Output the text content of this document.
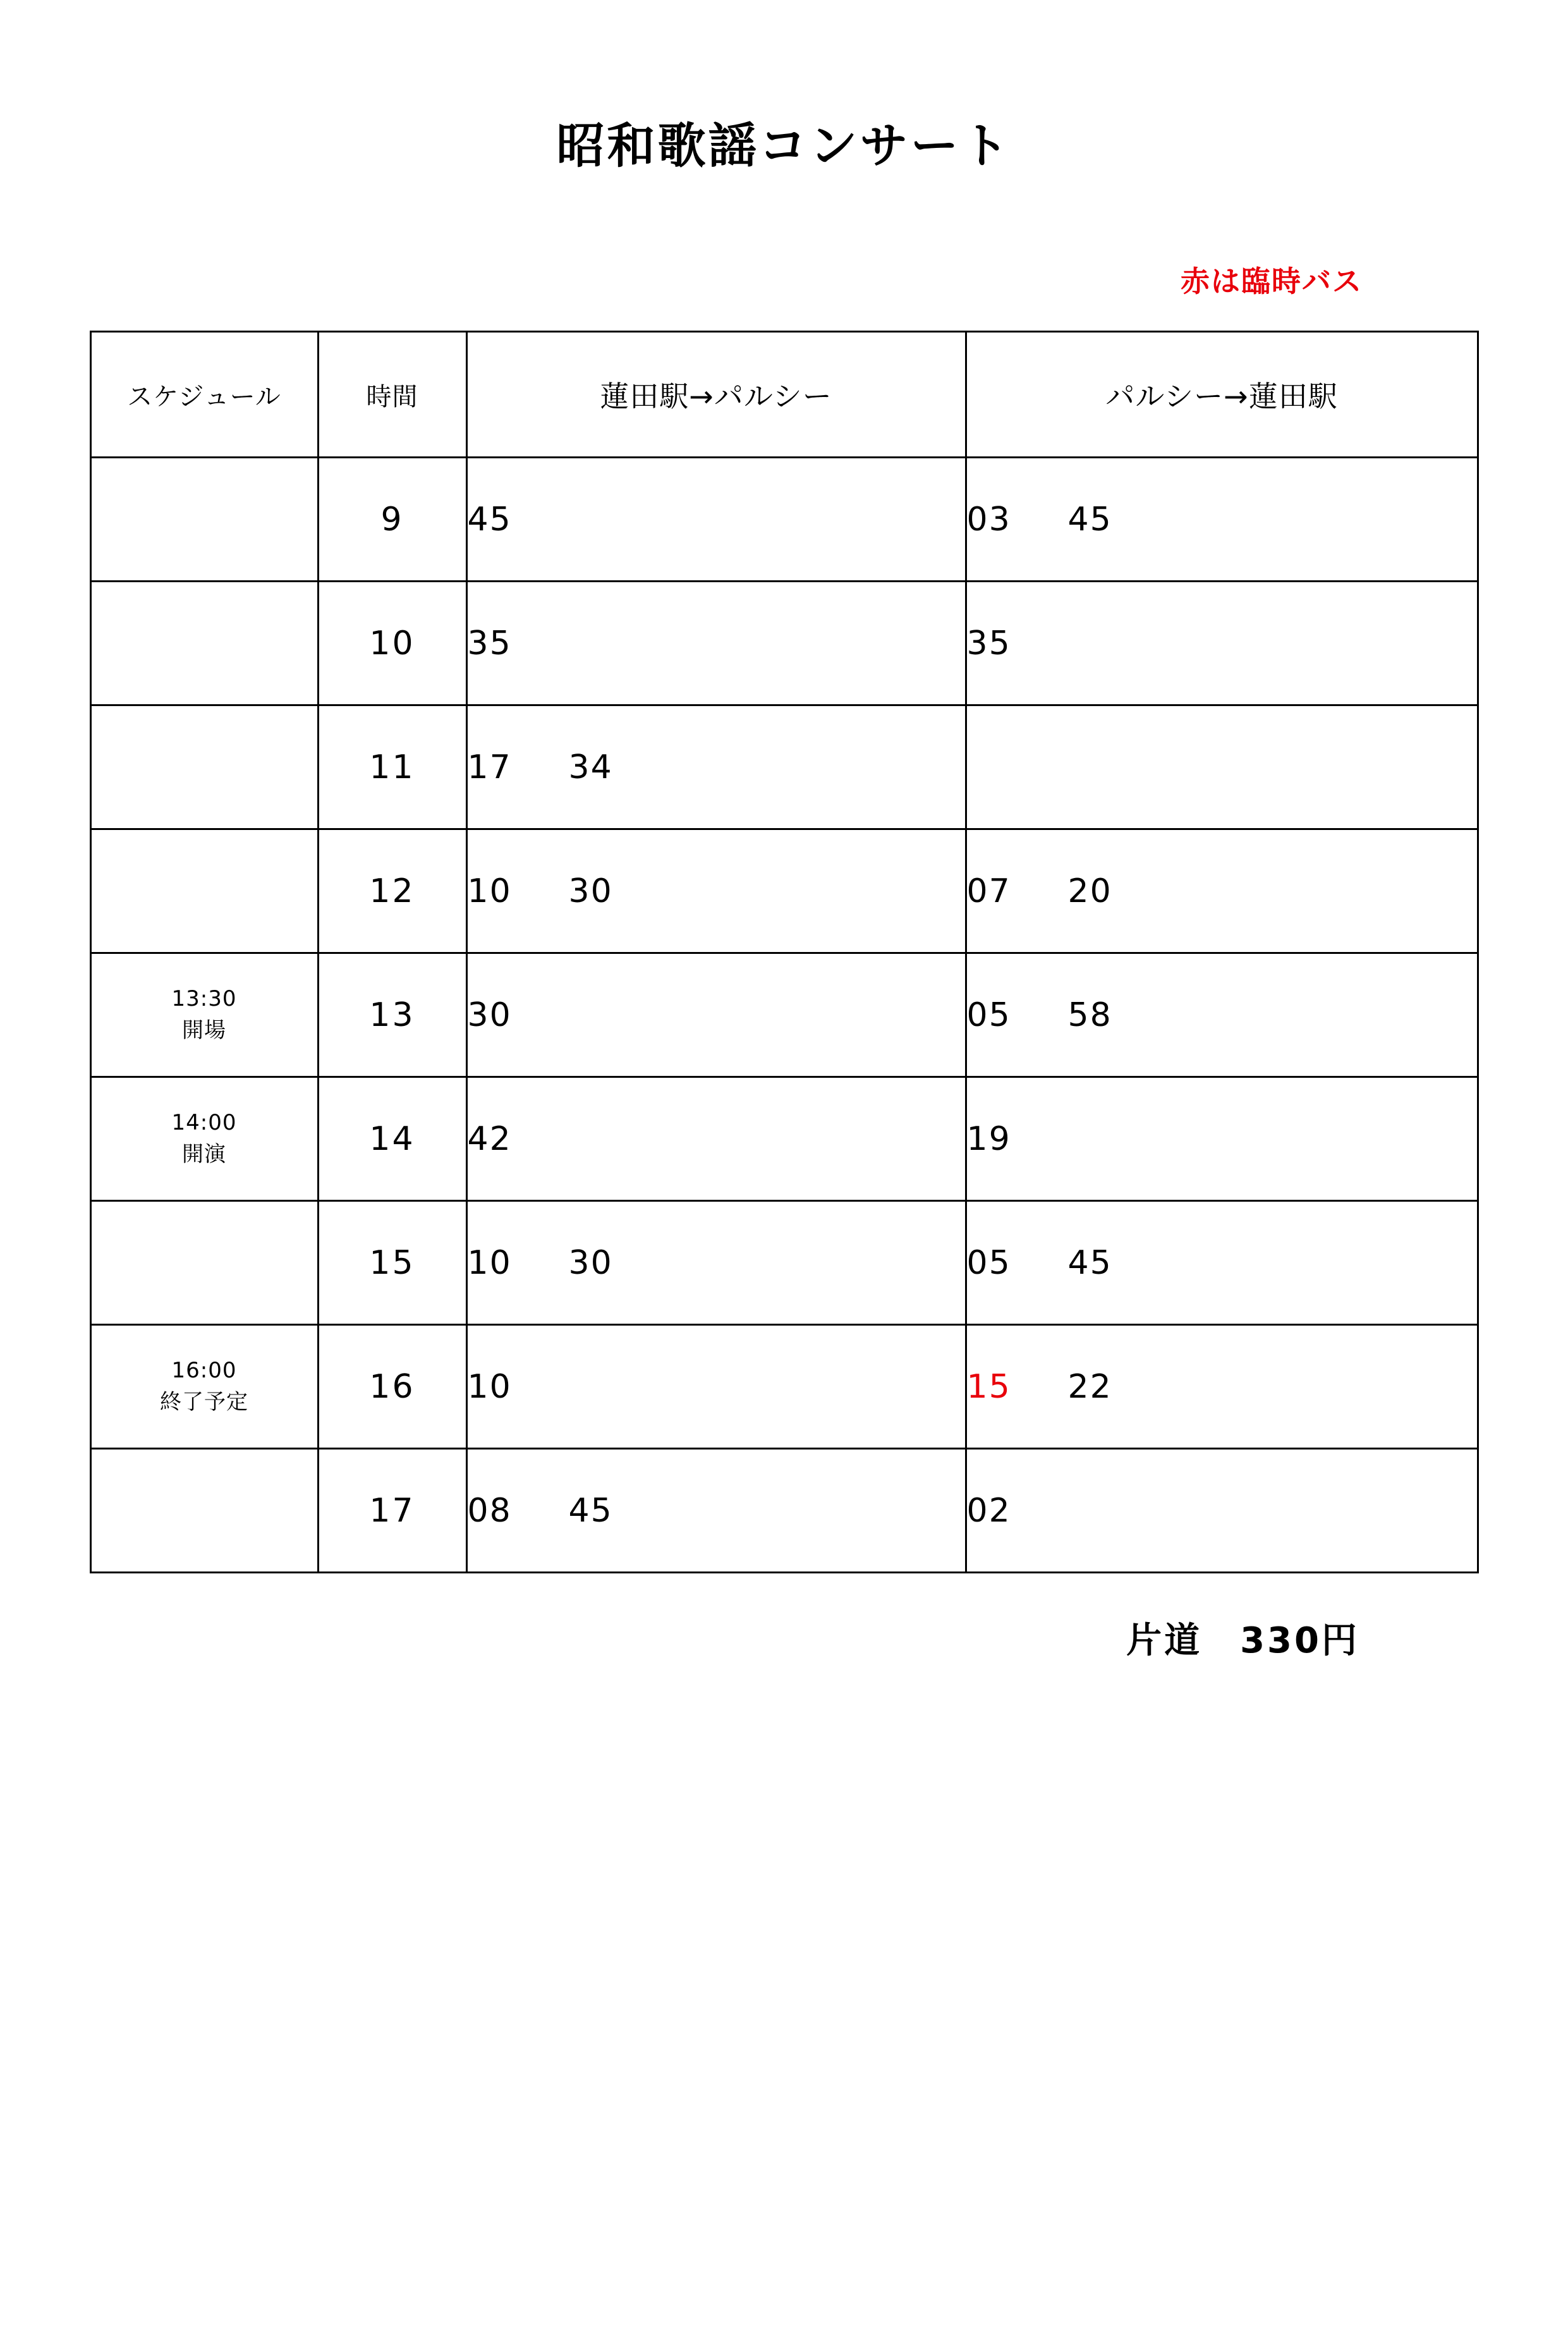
昭和歌謡コンサート
赤は臨時バス
スケジュール	時間	蓮田駅→パルシー	パルシー→蓮田駅
	9	45	03 45
	10	35	35
	11	17 34	
	12	10 30	07 20

13:30
開場	13	30	05 58

14:00
開演	14	42	19
	15	10 30	05 45

16:00
終了予定	16	10	15 22
	17	08 45	02
片道　330円
